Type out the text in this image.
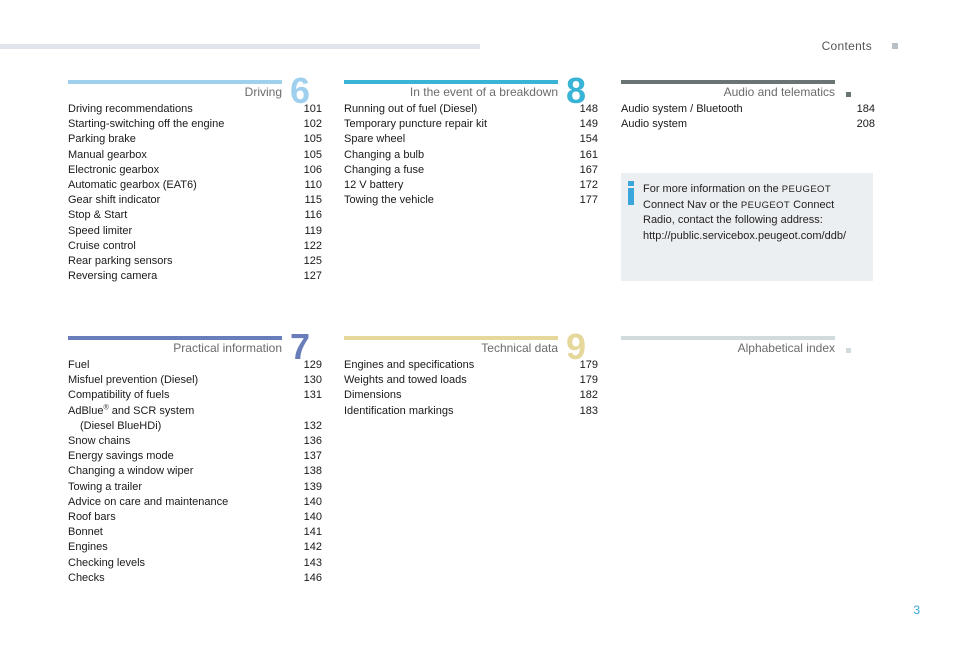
Contents
Driving 6
Driving recommendations	101
Starting-switching off the engine	102
Parking brake	105
Manual gearbox	105
Electronic gearbox	106
Automatic gearbox (EAT6)	110
Gear shift indicator	115
Stop & Start	116
Speed limiter	119
Cruise control	122
Rear parking sensors	125
Reversing camera	127
In the event of a breakdown 8
Running out of fuel (Diesel)	148
Temporary puncture repair kit	149
Spare wheel	154
Changing a bulb	161
Changing a fuse	167
12 V battery	172
Towing the vehicle	177
Audio and telematics
Audio system / Bluetooth	184
Audio system	208
For more information on the PEUGEOT
Connect Nav or the PEUGEOT Connect
Radio, contact the following address:
http://public.servicebox.peugeot.com/ddb/
Practical information 7
Fuel	129
Misfuel prevention (Diesel)	130
Compatibility of fuels	131
AdBlue® and SCR system
(Diesel BlueHDi)	132
Snow chains	136
Energy savings mode	137
Changing a window wiper	138
Towing a trailer	139
Advice on care and maintenance	140
Roof bars	140
Bonnet	141
Engines	142
Checking levels	143
Checks	146
Technical data 9
Engines and specifications	179
Weights and towed loads	179
Dimensions	182
Identification markings	183
Alphabetical index
3
